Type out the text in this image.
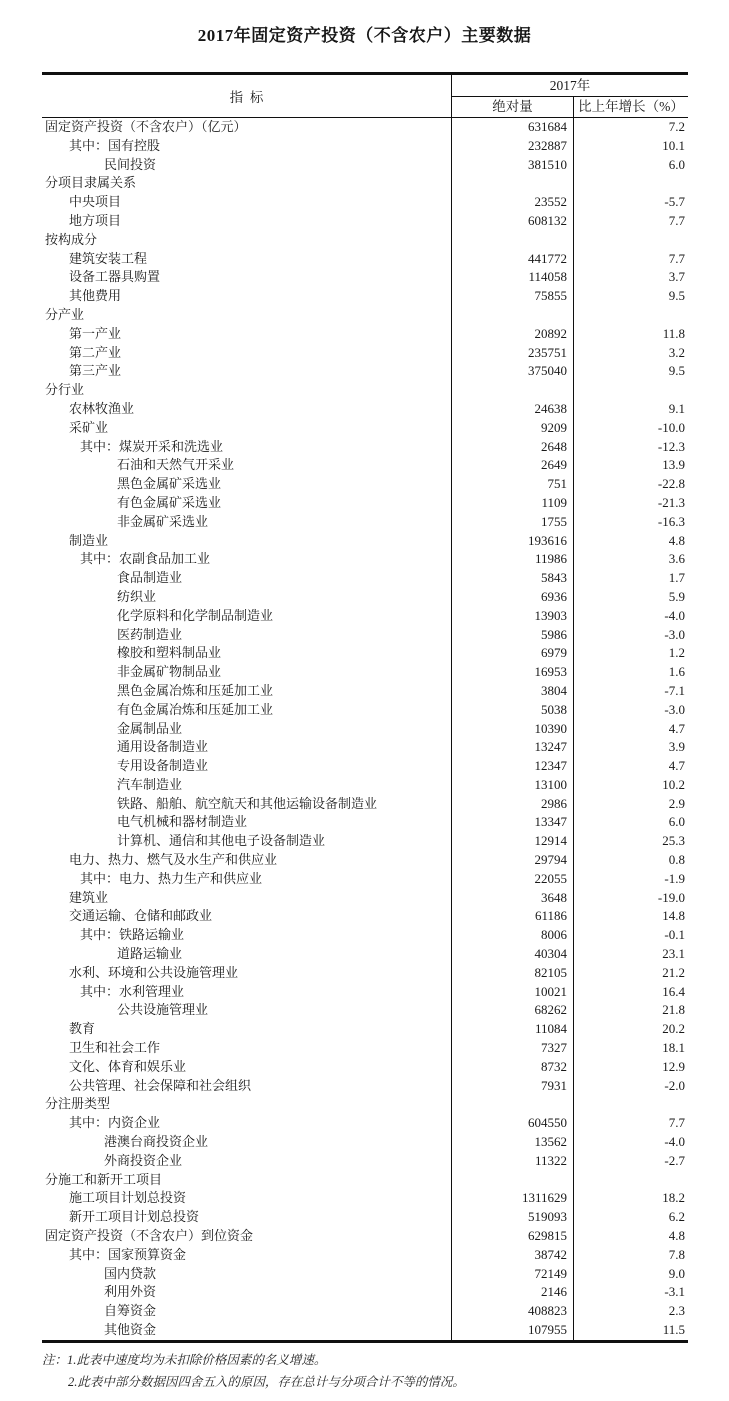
2017年固定资产投资（不含农户）主要数据
指 标
2017年
绝对量	比上年增长（%）
固定资产投资（不含农户）（亿元）	631684	7.2
其中：国有控股	232887	10.1
民间投资	381510	6.0
分项目隶属关系
中央项目	23552	-5.7
地方项目	608132	7.7
按构成分
建筑安装工程	441772	7.7
设备工器具购置	114058	3.7
其他费用	75855	9.5
分产业
第一产业	20892	11.8
第二产业	235751	3.2
第三产业	375040	9.5
分行业
农林牧渔业	24638	9.1
采矿业	9209	-10.0
其中：煤炭开采和洗选业	2648	-12.3
石油和天然气开采业	2649	13.9
黑色金属矿采选业	751	-22.8
有色金属矿采选业	1109	-21.3
非金属矿采选业	1755	-16.3
制造业	193616	4.8
其中：农副食品加工业	11986	3.6
食品制造业	5843	1.7
纺织业	6936	5.9
化学原料和化学制品制造业	13903	-4.0
医药制造业	5986	-3.0
橡胶和塑料制品业	6979	1.2
非金属矿物制品业	16953	1.6
黑色金属冶炼和压延加工业	3804	-7.1
有色金属冶炼和压延加工业	5038	-3.0
金属制品业	10390	4.7
通用设备制造业	13247	3.9
专用设备制造业	12347	4.7
汽车制造业	13100	10.2
铁路、船舶、航空航天和其他运输设备制造业	2986	2.9
电气机械和器材制造业	13347	6.0
计算机、通信和其他电子设备制造业	12914	25.3
电力、热力、燃气及水生产和供应业	29794	0.8
其中：电力、热力生产和供应业	22055	-1.9
建筑业	3648	-19.0
交通运输、仓储和邮政业	61186	14.8
其中：铁路运输业	8006	-0.1
道路运输业	40304	23.1
水利、环境和公共设施管理业	82105	21.2
其中：水利管理业	10021	16.4
公共设施管理业	68262	21.8
教育	11084	20.2
卫生和社会工作	7327	18.1
文化、体育和娱乐业	8732	12.9
公共管理、社会保障和社会组织	7931	-2.0
分注册类型
其中：内资企业	604550	7.7
港澳台商投资企业	13562	-4.0
外商投资企业	11322	-2.7
分施工和新开工项目
施工项目计划总投资	1311629	18.2
新开工项目计划总投资	519093	6.2
固定资产投资（不含农户）到位资金	629815	4.8
其中：国家预算资金	38742	7.8
国内贷款	72149	9.0
利用外资	2146	-3.1
自筹资金	408823	2.3
其他资金	107955	11.5
注：1.此表中速度均为未扣除价格因素的名义增速。
2.此表中部分数据因四舍五入的原因，存在总计与分项合计不等的情况。
